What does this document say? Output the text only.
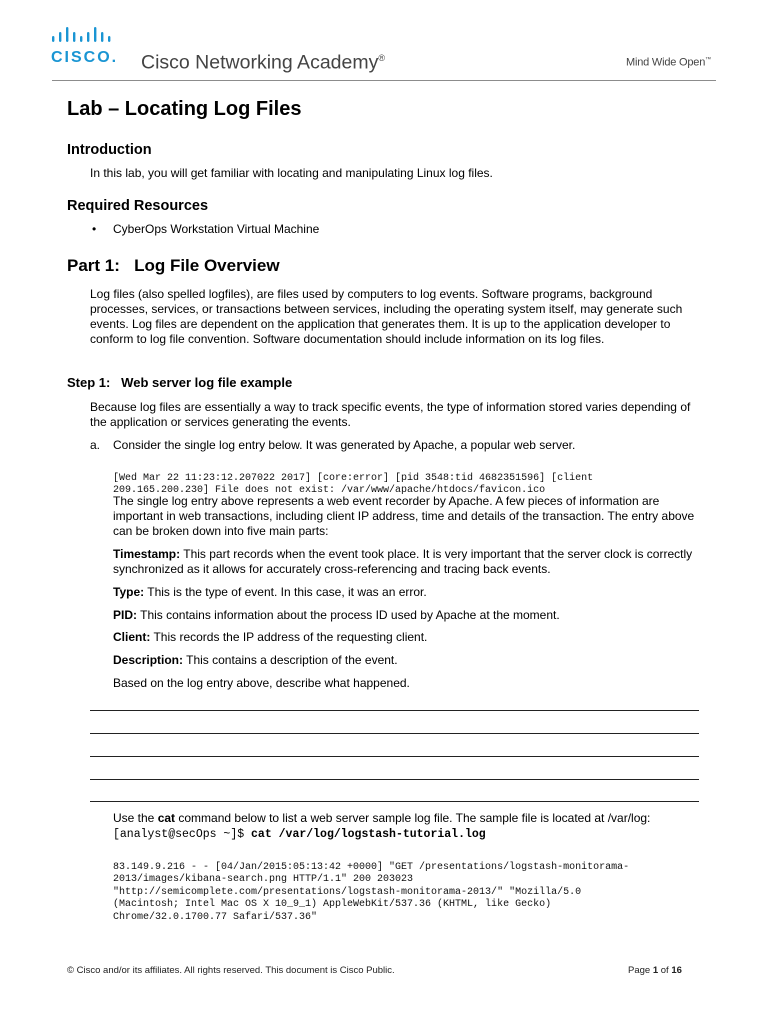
CISCO. Cisco Networking Academy®	Mind Wide Open™
Lab – Locating Log Files
Introduction
In this lab, you will get familiar with locating and manipulating Linux log files.
Required Resources
• CyberOps Workstation Virtual Machine
Part 1:   Log File Overview
Log files (also spelled logfiles), are files used by computers to log events. Software programs, background processes, services, or transactions between services, including the operating system itself, may generate such events. Log files are dependent on the application that generates them. It is up to the application developer to conform to log file convention. Software documentation should include information on its log files.
Step 1:   Web server log file example
Because log files are essentially a way to track specific events, the type of information stored varies depending of the application or services generating the events.
a. Consider the single log entry below. It was generated by Apache, a popular web server.

[Wed Mar 22 11:23:12.207022 2017] [core:error] [pid 3548:tid 4682351596] [client
209.165.200.230] File does not exist: /var/www/apache/htdocs/favicon.ico

The single log entry above represents a web event recorder by Apache. A few pieces of information are important in web transactions, including client IP address, time and details of the transaction. The entry above can be broken down into five main parts:
Timestamp: This part records when the event took place. It is very important that the server clock is correctly synchronized as it allows for accurately cross-referencing and tracing back events.
Type: This is the type of event. In this case, it was an error.
PID: This contains information about the process ID used by Apache at the moment.
Client: This records the IP address of the requesting client.
Description: This contains a description of the event.
Based on the log entry above, describe what happened.
Use the cat command below to list a web server sample log file. The sample file is located at /var/log:
[analyst@secOps ~]$ cat /var/log/logstash-tutorial.log

83.149.9.216 - - [04/Jan/2015:05:13:42 +0000] "GET /presentations/logstash-monitorama-
2013/images/kibana-search.png HTTP/1.1" 200 203023
"http://semicomplete.com/presentations/logstash-monitorama-2013/" "Mozilla/5.0
(Macintosh; Intel Mac OS X 10_9_1) AppleWebKit/537.36 (KHTML, like Gecko)
Chrome/32.0.1700.77 Safari/537.36"

© Cisco and/or its affiliates. All rights reserved. This document is Cisco Public.	Page 1 of 16
